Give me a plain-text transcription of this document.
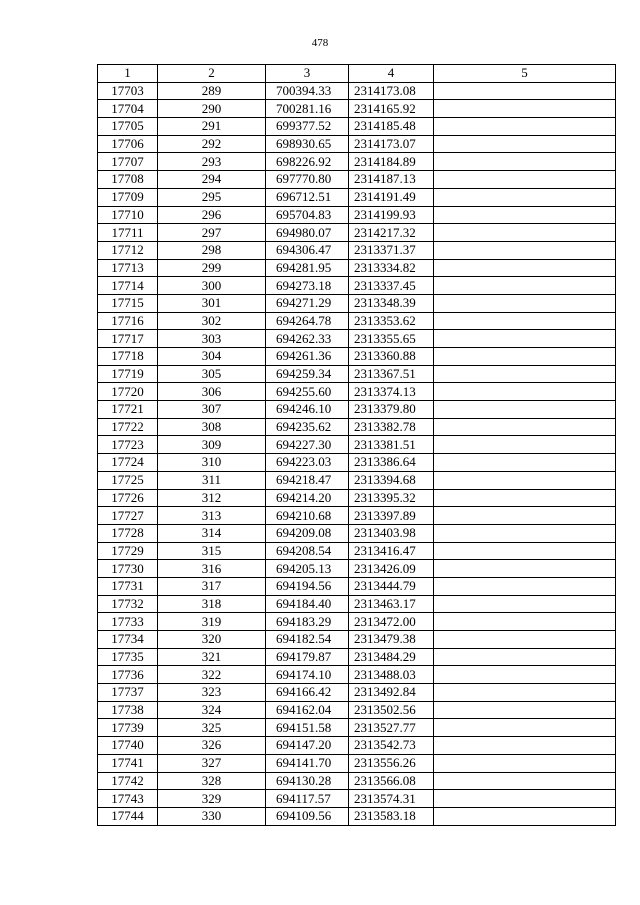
478
1	2	3	4	5
17703	289	700394.33	2314173.08	
17704	290	700281.16	2314165.92	
17705	291	699377.52	2314185.48	
17706	292	698930.65	2314173.07	
17707	293	698226.92	2314184.89	
17708	294	697770.80	2314187.13	
17709	295	696712.51	2314191.49	
17710	296	695704.83	2314199.93	
17711	297	694980.07	2314217.32	
17712	298	694306.47	2313371.37	
17713	299	694281.95	2313334.82	
17714	300	694273.18	2313337.45	
17715	301	694271.29	2313348.39	
17716	302	694264.78	2313353.62	
17717	303	694262.33	2313355.65	
17718	304	694261.36	2313360.88	
17719	305	694259.34	2313367.51	
17720	306	694255.60	2313374.13	
17721	307	694246.10	2313379.80	
17722	308	694235.62	2313382.78	
17723	309	694227.30	2313381.51	
17724	310	694223.03	2313386.64	
17725	311	694218.47	2313394.68	
17726	312	694214.20	2313395.32	
17727	313	694210.68	2313397.89	
17728	314	694209.08	2313403.98	
17729	315	694208.54	2313416.47	
17730	316	694205.13	2313426.09	
17731	317	694194.56	2313444.79	
17732	318	694184.40	2313463.17	
17733	319	694183.29	2313472.00	
17734	320	694182.54	2313479.38	
17735	321	694179.87	2313484.29	
17736	322	694174.10	2313488.03	
17737	323	694166.42	2313492.84	
17738	324	694162.04	2313502.56	
17739	325	694151.58	2313527.77	
17740	326	694147.20	2313542.73	
17741	327	694141.70	2313556.26	
17742	328	694130.28	2313566.08	
17743	329	694117.57	2313574.31	
17744	330	694109.56	2313583.18	
